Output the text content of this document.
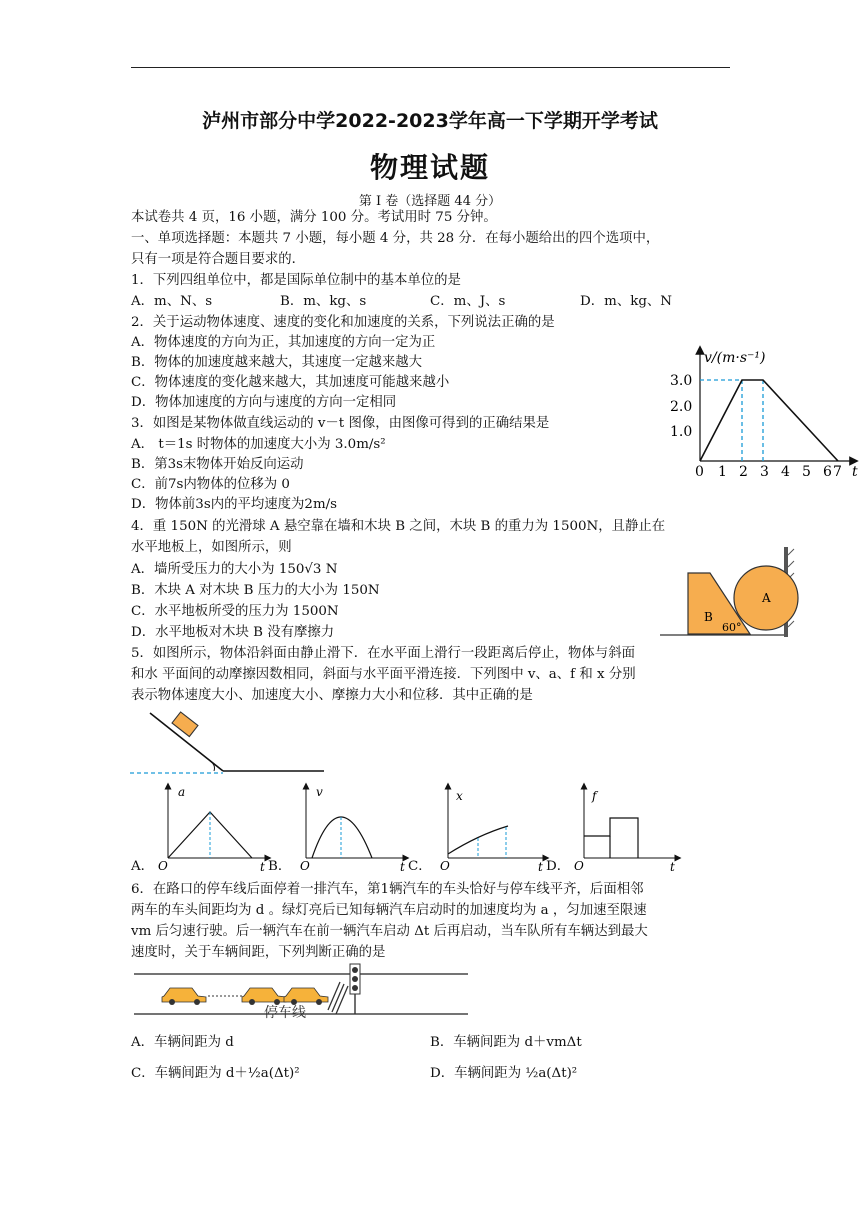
泸州市部分中学2022-2023学年高一下学期开学考试
物理试题
第 I 卷（选择题 44 分）
本试卷共 4 页，16 小题，满分 100 分。考试用时 75 分钟。
一、单项选择题：本题共 7 小题，每小题 4 分，共 28 分．在每小题给出的四个选项中，
只有一项是符合题目要求的．
1．下列四组单位中，都是国际单位制中的基本单位的是
A．m、N、s	B．m、kg、s	C．m、J、s	D．m、kg、N
2．关于运动物体速度、速度的变化和加速度的关系，下列说法正确的是
A．物体速度的方向为正，其加速度的方向一定为正
B．物体的加速度越来越大，其速度一定越来越大
C．物体速度的变化越来越大，其加速度可能越来越小
D．物体加速度的方向与速度的方向一定相同
3．如图是某物体做直线运动的 v－t 图像，由图像可得到的正确结果是
A． t＝1s 时物体的加速度大小为 3.0m/s²
B．第3s末物体开始反向运动
C．前7s内物体的位移为 0
D．物体前3s内的平均速度为2m/s
v/(m·s⁻¹)
t
1.0
2.0
3.0
0 1 2 3 4 5 6 7
4．重 150N 的光滑球 A 悬空靠在墙和木块 B 之间，木块 B 的重力为 1500N，且静止在
水平地板上，如图所示，则
A．墙所受压力的大小为 150√3 N
B．木块 A 对木块 B 压力的大小为 150N
C．水平地板所受的压力为 1500N
D．水平地板对木块 B 没有摩擦力
B
A
60°
5．如图所示，物体沿斜面由静止滑下．在水平面上滑行一段距离后停止，物体与斜面
和水 平面间的动摩擦因数相同，斜面与水平面平滑连接．下列图中 v、a、f 和 x 分别
表示物体速度大小、加速度大小、摩擦力大小和位移．其中正确的是
a
O
v
O
x
O
f
O
A．	B．	C．	D．
t	t	t	t
6．在路口的停车线后面停着一排汽车，第1辆汽车的车头恰好与停车线平齐，后面相邻
两车的车头间距均为 d 。绿灯亮后已知每辆汽车启动时的加速度均为 a ，匀加速至限速
vm 后匀速行驶。后一辆汽车在前一辆汽车启动 Δt 后再启动，当车队所有车辆达到最大
速度时，关于车辆间距，下列判断正确的是
停车线
A．车辆间距为 d	B．车辆间距为 d＋vmΔt
C．车辆间距为 d＋½a(Δt)²	D．车辆间距为 ½a(Δt)²
